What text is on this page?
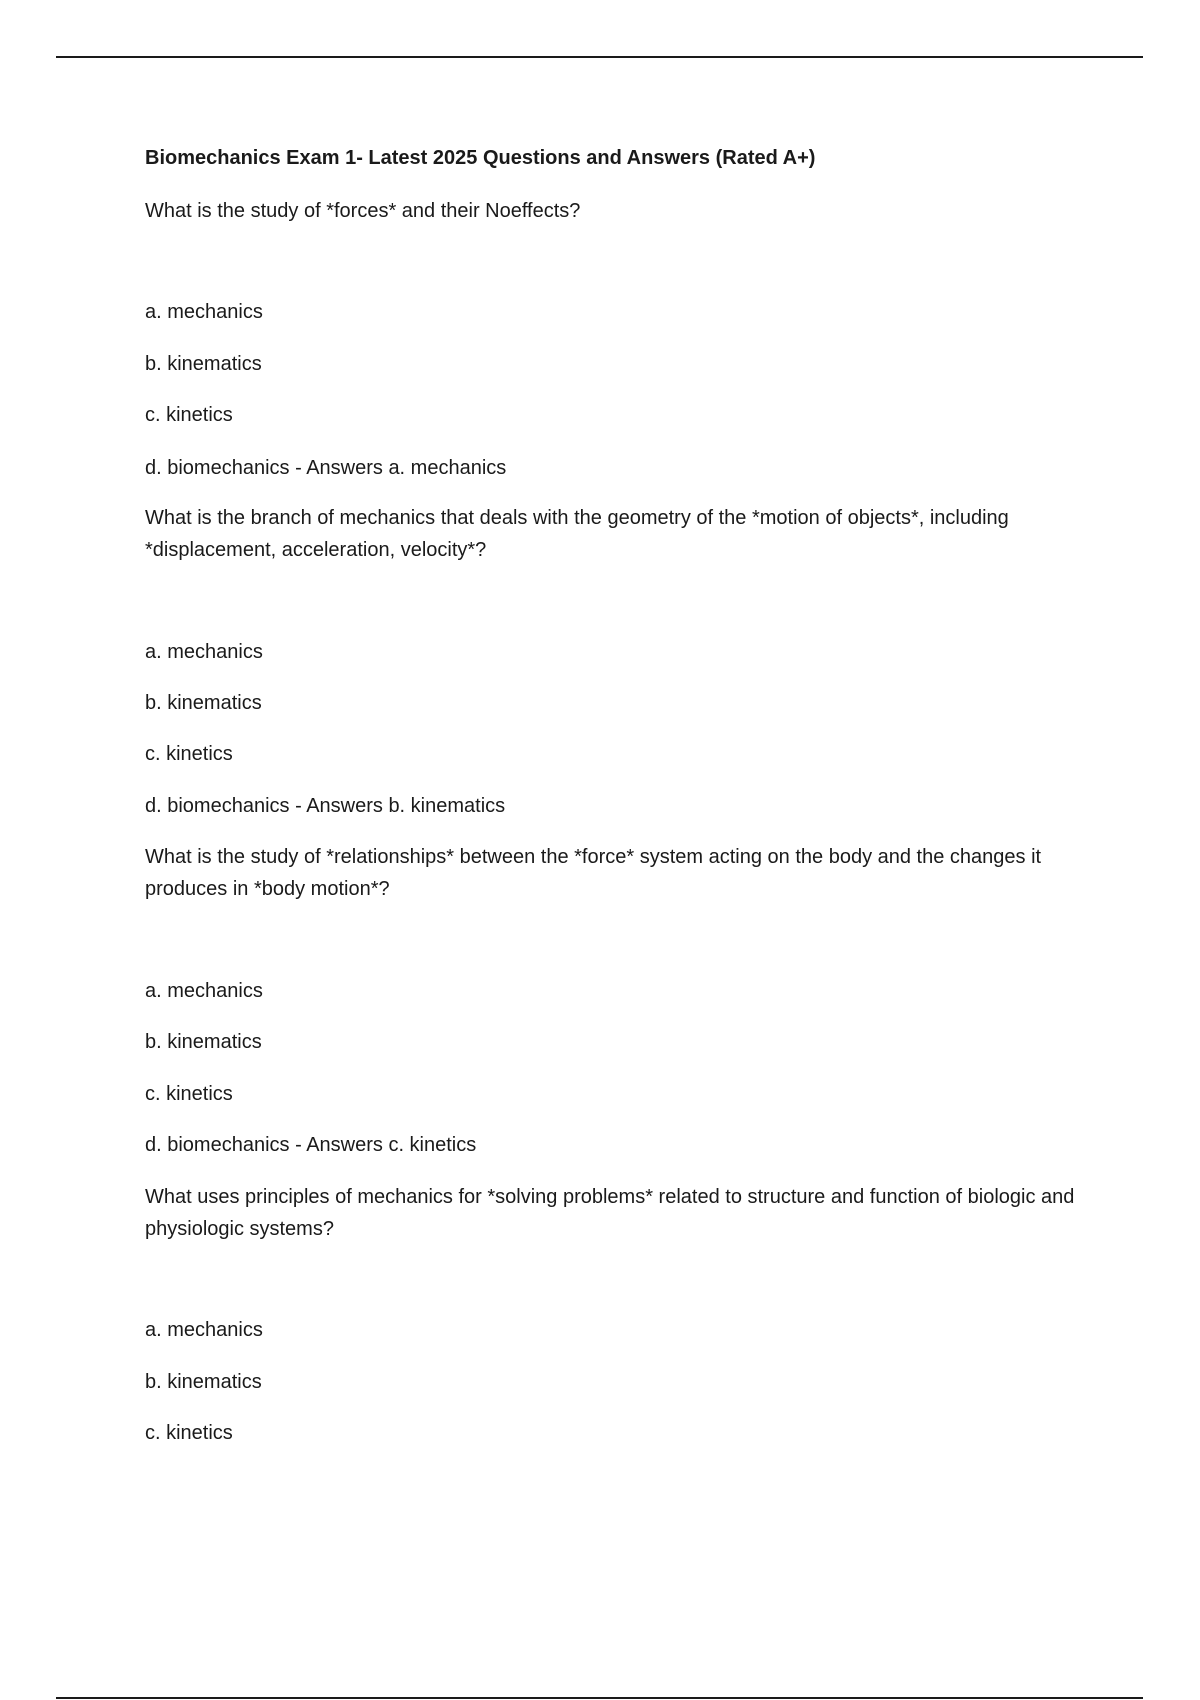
Biomechanics Exam 1- Latest 2025 Questions and Answers (Rated A+)
What is the study of *forces* and their Noeffects?
a. mechanics
b. kinematics
c. kinetics
d. biomechanics - Answers a. mechanics
What is the branch of mechanics that deals with the geometry of the *motion of objects*, including *displacement, acceleration, velocity*?
a. mechanics
b. kinematics
c. kinetics
d. biomechanics - Answers b. kinematics
What is the study of *relationships* between the *force* system acting on the body and the changes it produces in *body motion*?
a. mechanics
b. kinematics
c. kinetics
d. biomechanics - Answers c. kinetics
What uses principles of mechanics for *solving problems* related to structure and function of biologic and physiologic systems?
a. mechanics
b. kinematics
c. kinetics
